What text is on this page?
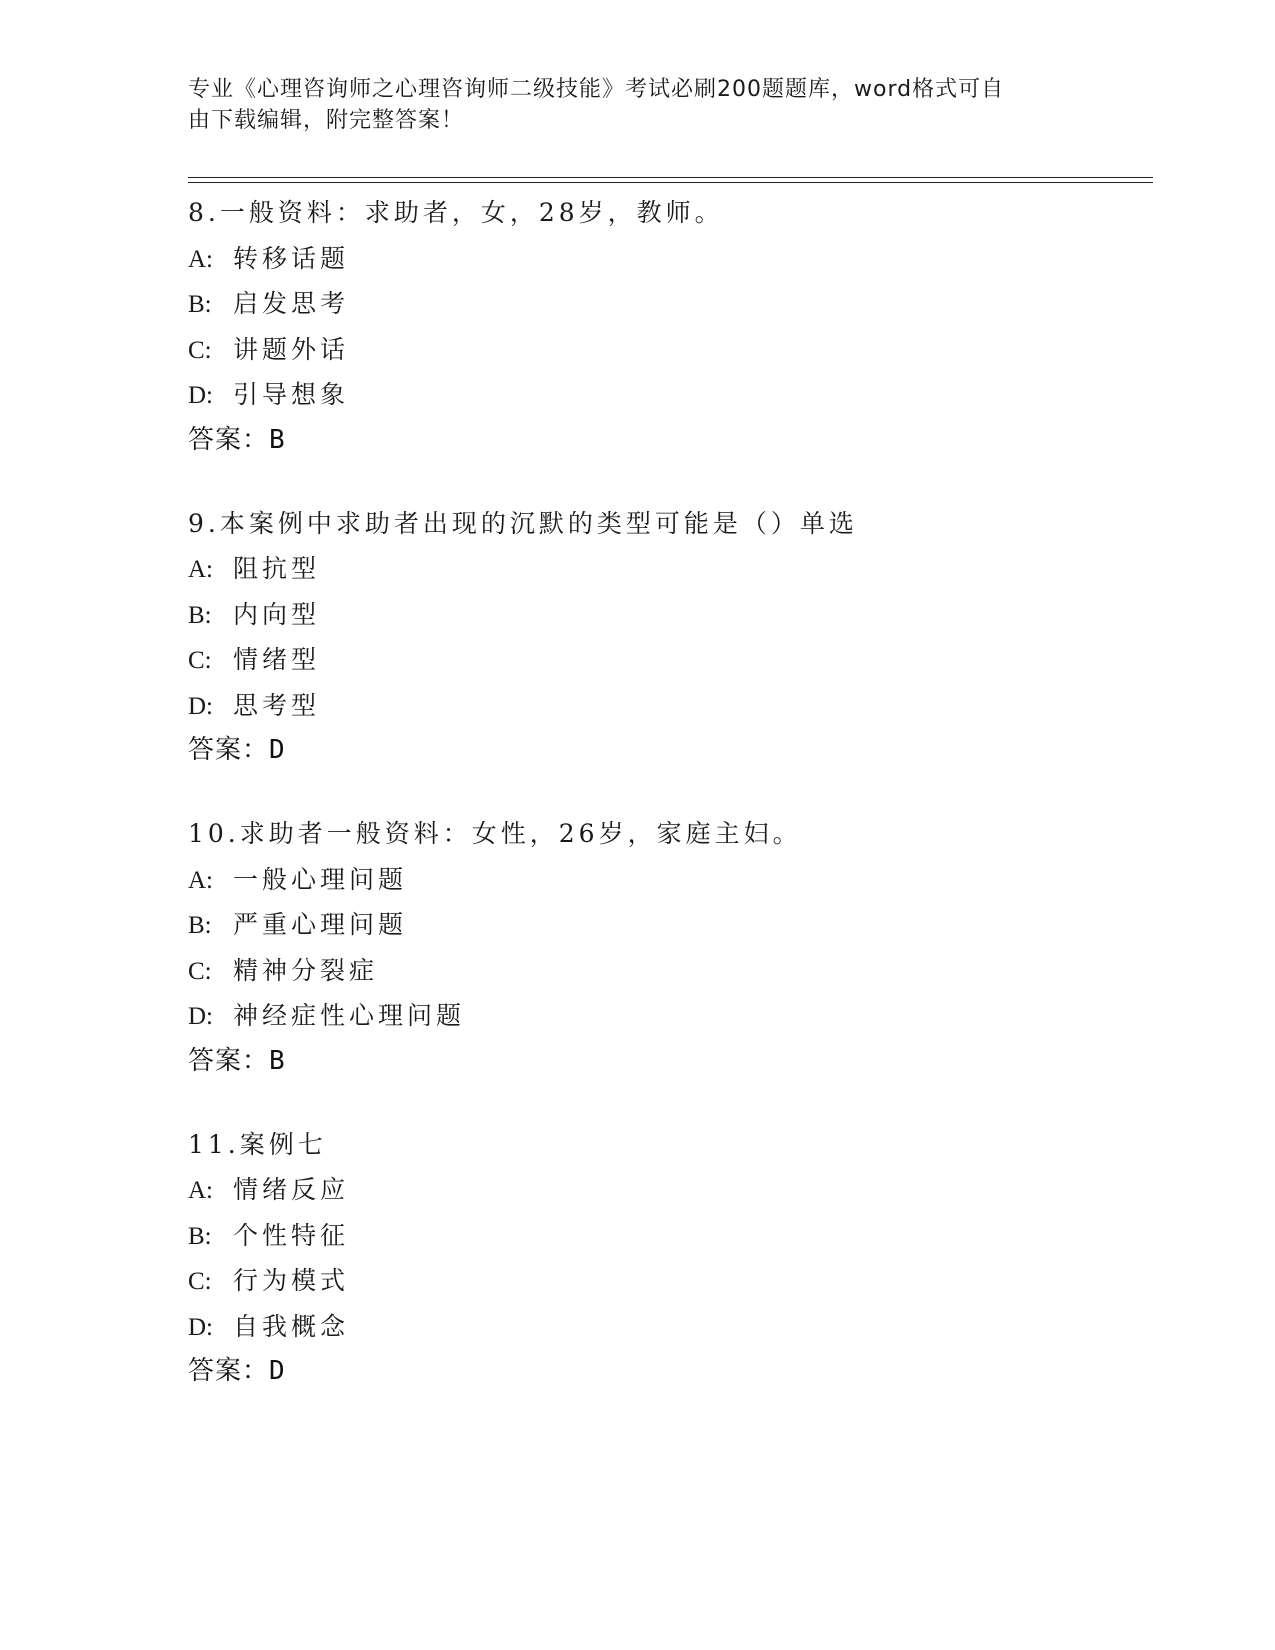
专业《心理咨询师之心理咨询师二级技能》考试必刷200题题库，word格式可自
由下载编辑，附完整答案！
8.一般资料：求助者，女，28岁，教师。
A: 转移话题
B: 启发思考
C: 讲题外话
D: 引导想象
答案：B
9.本案例中求助者出现的沉默的类型可能是（）单选
A: 阻抗型
B: 内向型
C: 情绪型
D: 思考型
答案：D
10.求助者一般资料：女性，26岁，家庭主妇。
A: 一般心理问题
B: 严重心理问题
C: 精神分裂症
D: 神经症性心理问题
答案：B
11.案例七
A: 情绪反应
B: 个性特征
C: 行为模式
D: 自我概念
答案：D
